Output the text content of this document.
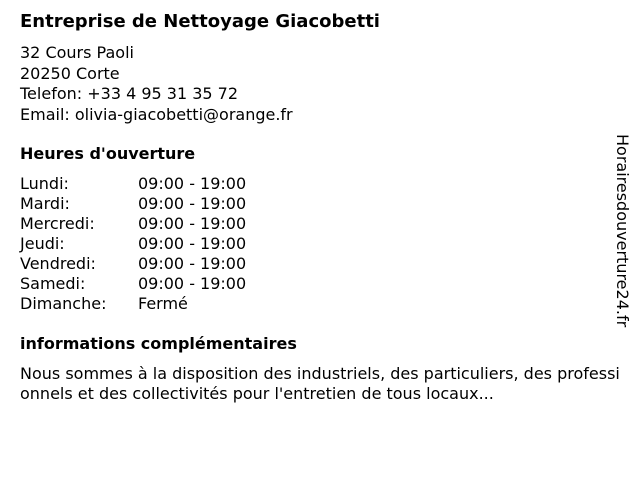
Entreprise de Nettoyage Giacobetti
32 Cours Paoli
20250 Corte
Telefon: +33 4 95 31 35 72
Email: olivia-giacobetti@orange.fr
Heures d'ouverture
Lundi:	09:00 - 19:00
Mardi:	09:00 - 19:00
Mercredi:	09:00 - 19:00
Jeudi:	09:00 - 19:00
Vendredi:	09:00 - 19:00
Samedi:	09:00 - 19:00
Dimanche:	Fermé
informations complémentaires
Nous sommes à la disposition des industriels, des particuliers, des professionnels et des collectivités pour l'entretien de tous locaux...
Horairesdouverture24.fr
